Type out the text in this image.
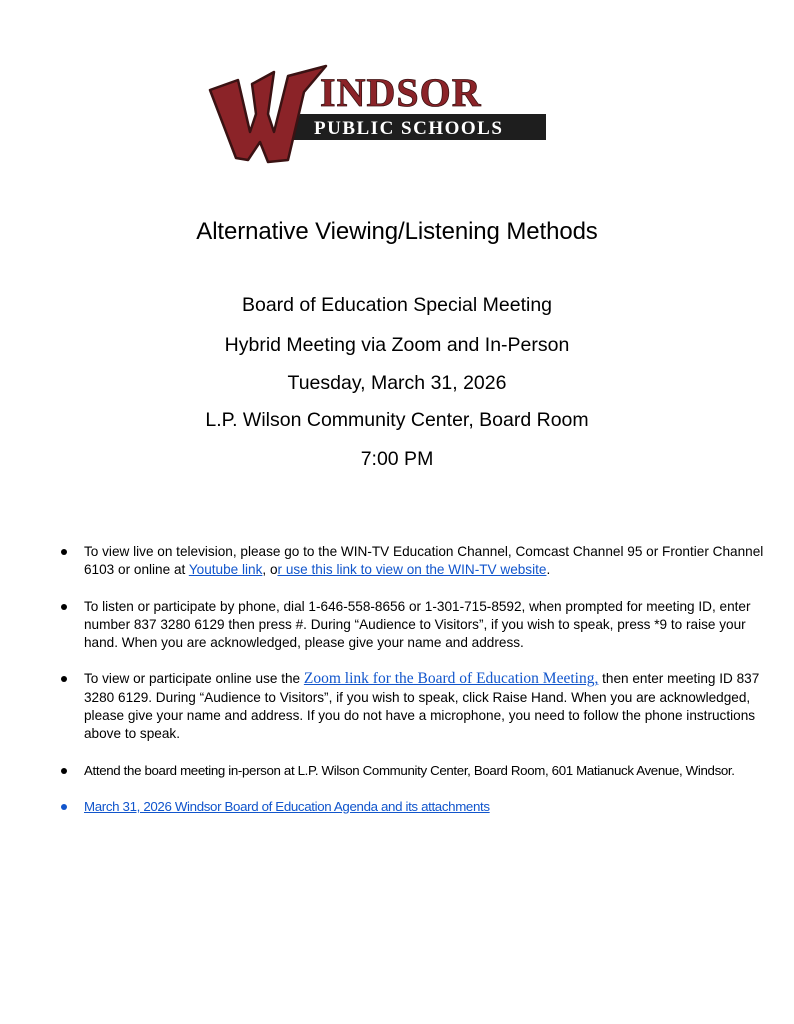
INDSOR
PUBLIC SCHOOLS
Alternative Viewing/Listening Methods
Board of Education Special Meeting
Hybrid Meeting via Zoom and In-Person
Tuesday, March 31, 2026
L.P. Wilson Community Center, Board Room
7:00 PM
To view live on television, please go to the WIN-TV Education Channel, Comcast Channel 95 or Frontier Channel 6103 or online at Youtube link, or use this link to view on the WIN-TV website.
To listen or participate by phone, dial 1-646-558-8656 or 1-301-715-8592, when prompted for meeting ID, enter number 837 3280 6129 then press #. During “Audience to Visitors”, if you wish to speak, press *9 to raise your hand. When you are acknowledged, please give your name and address.
To view or participate online use the Zoom link for the Board of Education Meeting, then enter meeting ID 837 3280 6129. During “Audience to Visitors”, if you wish to speak, click Raise Hand. When you are acknowledged, please give your name and address. If you do not have a microphone, you need to follow the phone instructions above to speak.
Attend the board meeting in-person at L.P. Wilson Community Center, Board Room, 601 Matianuck Avenue, Windsor.
March 31, 2026 Windsor Board of Education Agenda and its attachments
